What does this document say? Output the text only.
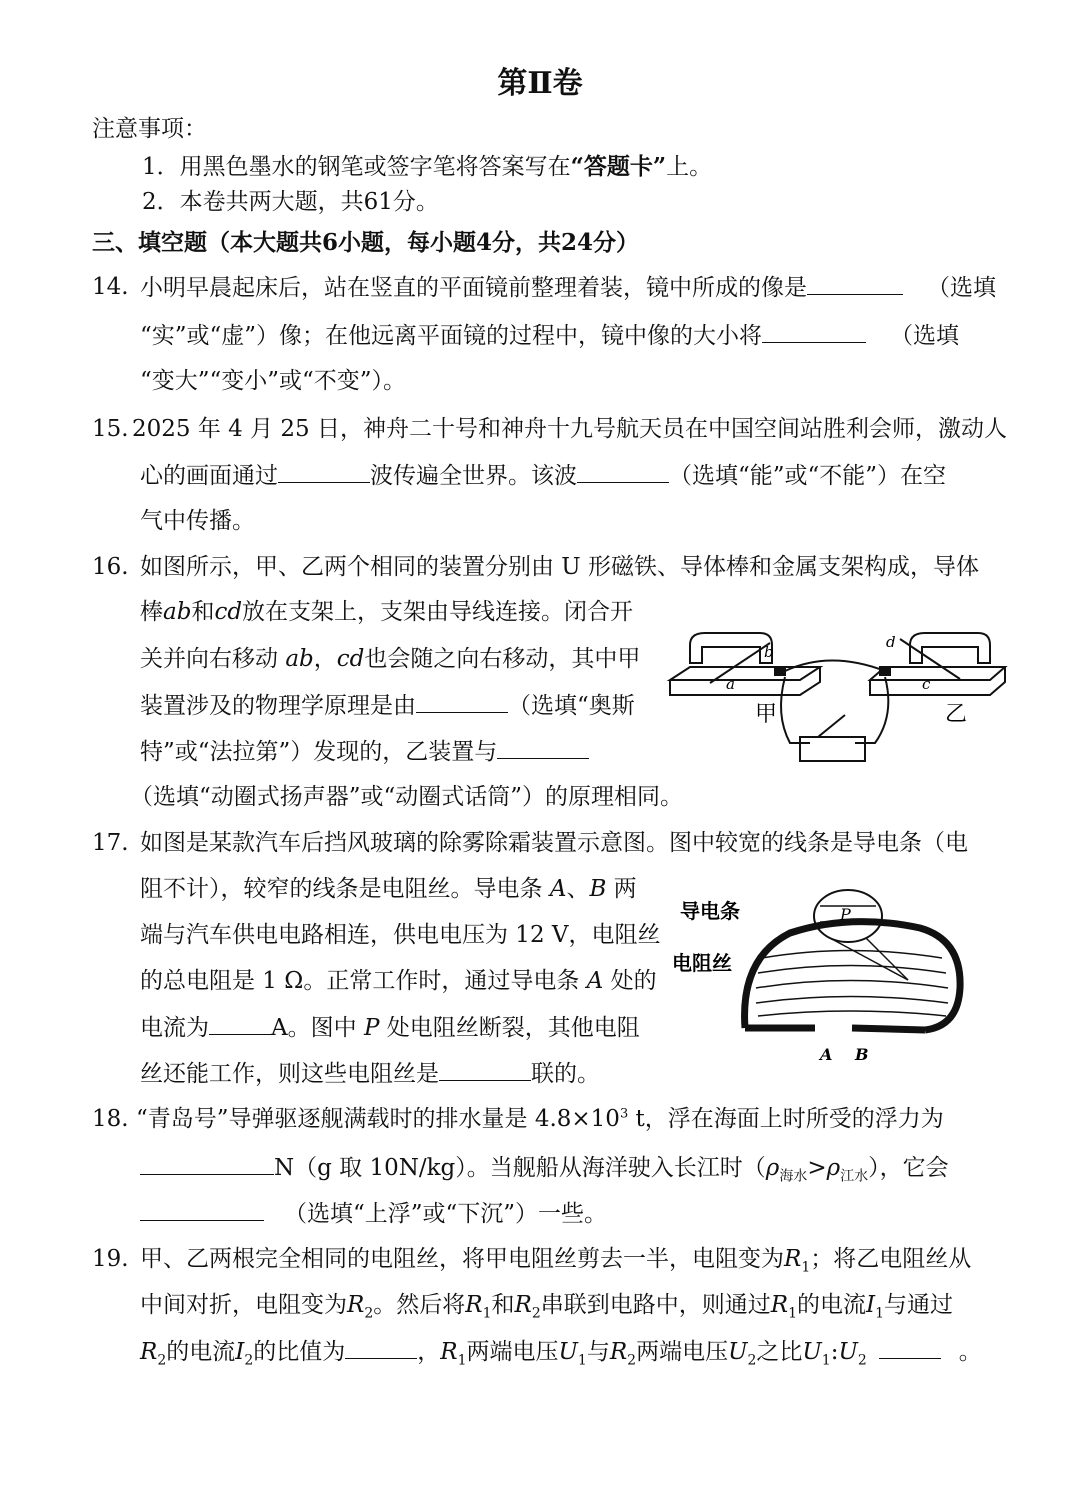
第Ⅱ卷
注意事项：
1．用黑色墨水的钢笔或签字笔将答案写在“答题卡”上。
2．本卷共两大题，共61分。
三、填空题（本大题共6小题，每小题4分，共24分）
14. 小明早晨起床后，站在竖直的平面镜前整理着装，镜中所成的像是	（选填
“实”或“虚”）像；在他远离平面镜的过程中，镜中像的大小将	（选填
“变大”“变小”或“不变”）。
15. 2025 年 4 月 25 日，神舟二十号和神舟十九号航天员在中国空间站胜利会师，激动人
心的画面通过	波传遍全世界。该波	（选填“能”或“不能”）在空
气中传播。
16. 如图所示，甲、乙两个相同的装置分别由 U 形磁铁、导体棒和金属支架构成，导体
棒ab和cd放在支架上，支架由导线连接。闭合开
关并向右移动 ab，cd也会随之向右移动，其中甲
装置涉及的物理学原理是由	（选填“奥斯
特”或“法拉第”）发现的，乙装置与
（选填“动圈式扬声器”或“动圈式话筒”）的原理相同。
甲	乙
a
b
c
d
17. 如图是某款汽车后挡风玻璃的除雾除霜装置示意图。图中较宽的线条是导电条（电
阻不计），较窄的线条是电阻丝。导电条 A、B 两
端与汽车供电电路相连，供电电压为 12 V，电阻丝
的总电阻是 1 Ω。正常工作时，通过导电条 A 处的
电流为	A。图中 P 处电阻丝断裂，其他电阻
丝还能工作，则这些电阻丝是	联的。
导电条
电阻丝
P
A B
18. “青岛号”导弹驱逐舰满载时的排水量是 $4.8\times 10^3$ t，浮在海面上时所受的浮力为
N（g 取 10N/kg）。当舰船从海洋驶入长江时$(\rho_{海水}>\rho_{江水})$，它会
（选填“上浮”或“下沉”）一些。
19. 甲、乙两根完全相同的电阻丝，将甲电阻丝剪去一半，电阻变为$R_1$；将乙电阻丝从
中间对折，电阻变为$R_2$。然后将$R_1$和$R_2$串联到电路中，则通过$R_1$的电流$I_1$与通过
$R_2$的电流$I_2$的比值为	，$R_1$两端电压$U_1$与$R_2$两端电压$U_2$之比$U_1:U_2$	。
